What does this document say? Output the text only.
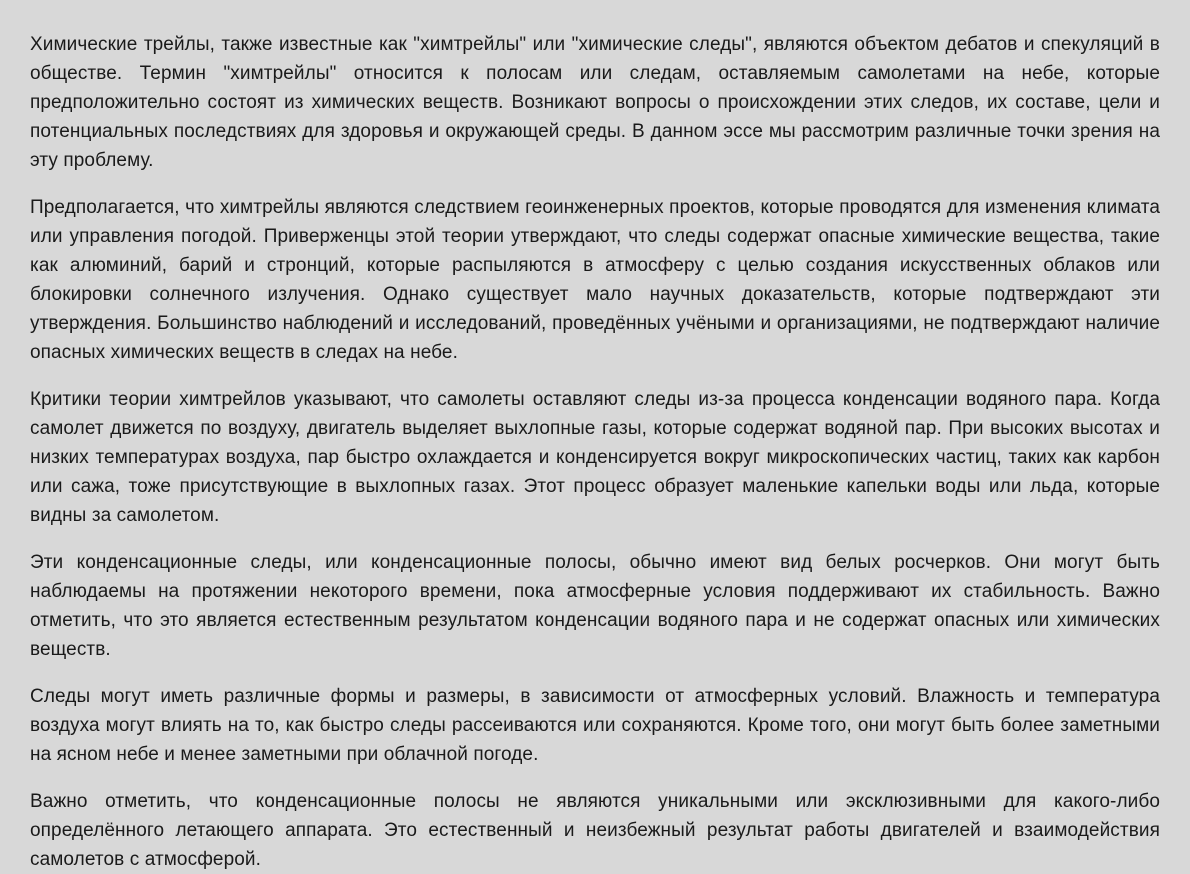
Химические трейлы, также известные как "химтрейлы" или "химические следы", являются объектом дебатов и спекуляций в обществе. Термин "химтрейлы" относится к полосам или следам, оставляемым самолетами на небе, которые предположительно состоят из химических веществ. Возникают вопросы о происхождении этих следов, их составе, цели и потенциальных последствиях для здоровья и окружающей среды. В данном эссе мы рассмотрим различные точки зрения на эту проблему.

Предполагается, что химтрейлы являются следствием геоинженерных проектов, которые проводятся для изменения климата или управления погодой. Приверженцы этой теории утверждают, что следы содержат опасные химические вещества, такие как алюминий, барий и стронций, которые распыляются в атмосферу с целью создания искусственных облаков или блокировки солнечного излучения. Однако существует мало научных доказательств, которые подтверждают эти утверждения. Большинство наблюдений и исследований, проведённых учёными и организациями, не подтверждают наличие опасных химических веществ в следах на небе.

Критики теории химтрейлов указывают, что самолеты оставляют следы из-за процесса конденсации водяного пара. Когда самолет движется по воздуху, двигатель выделяет выхлопные газы, которые содержат водяной пар. При высоких высотах и низких температурах воздуха, пар быстро охлаждается и конденсируется вокруг микроскопических частиц, таких как карбон или сажа, тоже присутствующие в выхлопных газах. Этот процесс образует маленькие капельки воды или льда, которые видны за самолетом.

Эти конденсационные следы, или конденсационные полосы, обычно имеют вид белых росчерков. Они могут быть наблюдаемы на протяжении некоторого времени, пока атмосферные условия поддерживают их стабильность. Важно отметить, что это является естественным результатом конденсации водяного пара и не содержат опасных или химических веществ.

Следы могут иметь различные формы и размеры, в зависимости от атмосферных условий. Влажность и температура воздуха могут влиять на то, как быстро следы рассеиваются или сохраняются. Кроме того, они могут быть более заметными на ясном небе и менее заметными при облачной погоде.

Важно отметить, что конденсационные полосы не являются уникальными или эксклюзивными для какого-либо определённого летающего аппарата. Это естественный и неизбежный результат работы двигателей и взаимодействия самолетов с атмосферой.
